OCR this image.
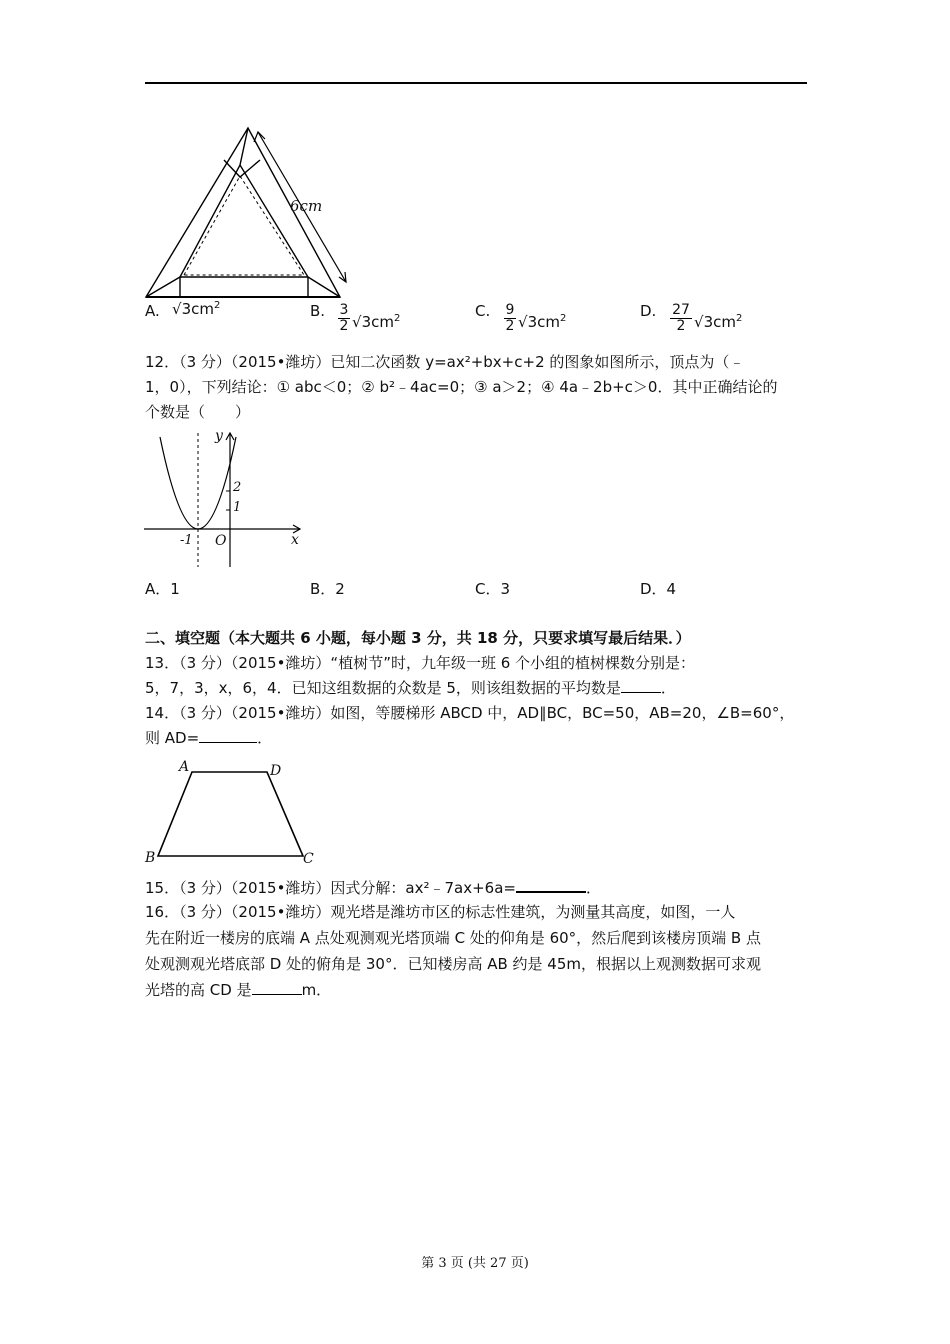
6cm
A. $√3cm^2$	B. $\frac{3}{2} √3cm^2$	C. $\frac{9}{2} √3cm^2$	D. $\frac{27}{2} √3cm^2$
12．（3 分）（2015•潍坊）已知二次函数 y=ax²+bx+c+2 的图象如图所示，顶点为（﹣
1，0），下列结论：① abc＜0；② b²﹣4ac=0；③ a＞2；④ 4a﹣2b+c＞0．其中正确结论的
个数是（　　）
y
x
O
-1
1
2
A．1	B．2	C．3	D．4
二、填空题（本大题共 6 小题，每小题 3 分，共 18 分，只要求填写最后结果．）
13．（3 分）（2015•潍坊）“植树节”时，九年级一班 6 个小组的植树棵数分别是：
5，7，3，x，6，4．已知这组数据的众数是 5，则该组数据的平均数是	．
14．（3 分）（2015•潍坊）如图，等腰梯形 ABCD 中，AD∥BC，BC=50，AB=20，∠B=60°，
则 AD=	．
A	D
B	C
15．（3 分）（2015•潍坊）因式分解：ax²﹣7ax+6a=	．
16．（3 分）（2015•潍坊）观光塔是潍坊市区的标志性建筑，为测量其高度，如图，一人
先在附近一楼房的底端 A 点处观测观光塔顶端 C 处的仰角是 60°，然后爬到该楼房顶端 B 点
处观测观光塔底部 D 处的俯角是 30°．已知楼房高 AB 约是 45m，根据以上观测数据可求观
光塔的高 CD 是	m．
第 3 页 (共 27 页)
